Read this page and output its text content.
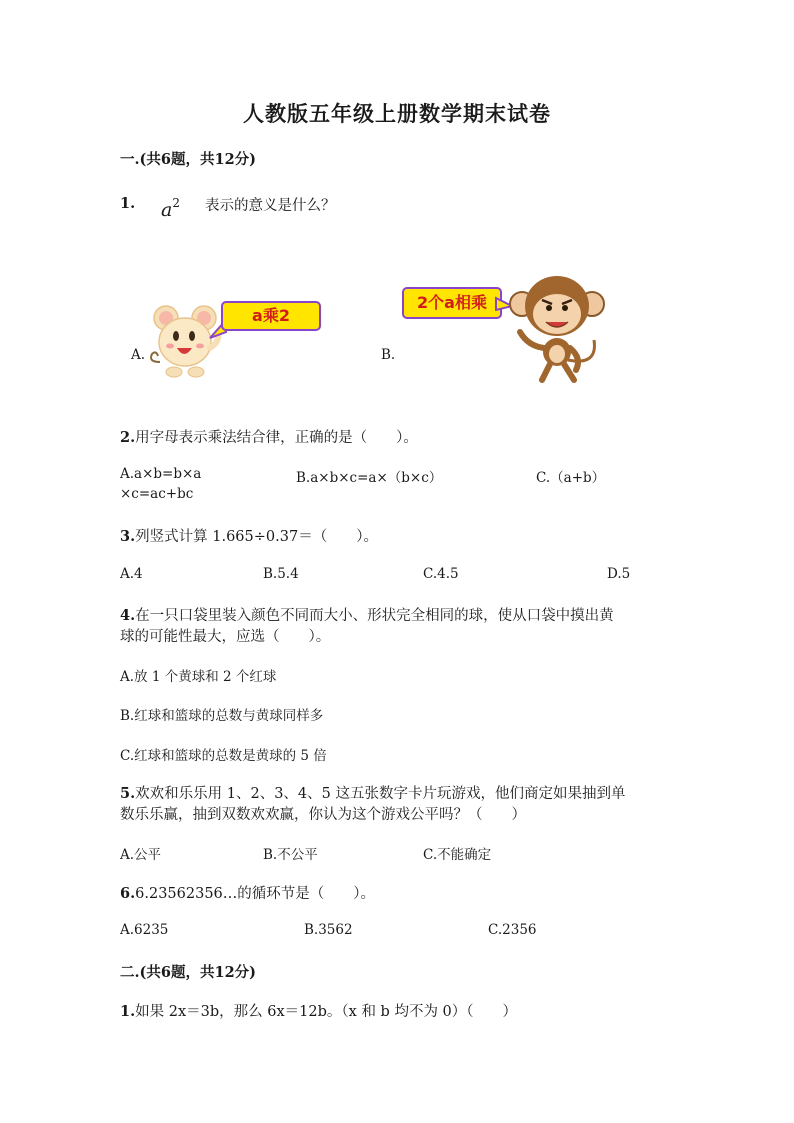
人教版五年级上册数学期末试卷
一.(共6题，共12分)
1. $a^2$ 表示的意义是什么？
A.
a乘2
B.
2个a相乘
2.用字母表示乘法结合律，正确的是（　　）。
A.a×b=b×a	B.a×b×c=a×（b×c）	C.（a+b）
×c=ac+bc
3.列竖式计算 1.665÷0.37＝（　　）。
A.4	B.5.4	C.4.5	D.5
4.在一只口袋里装入颜色不同而大小、形状完全相同的球，使从口袋中摸出黄
球的可能性最大，应选（　　）。
A.放 1 个黄球和 2 个红球
B.红球和篮球的总数与黄球同样多
C.红球和篮球的总数是黄球的 5 倍
5.欢欢和乐乐用 1、2、3、4、5 这五张数字卡片玩游戏，他们商定如果抽到单
数乐乐赢，抽到双数欢欢赢，你认为这个游戏公平吗？（　　）
A.公平	B.不公平	C.不能确定
6.6.23562356…的循环节是（　　）。
A.6235	B.3562	C.2356
二.(共6题，共12分)
1.如果 2x＝3b，那么 6x＝12b。（x 和 b 均不为 0）（　　）
